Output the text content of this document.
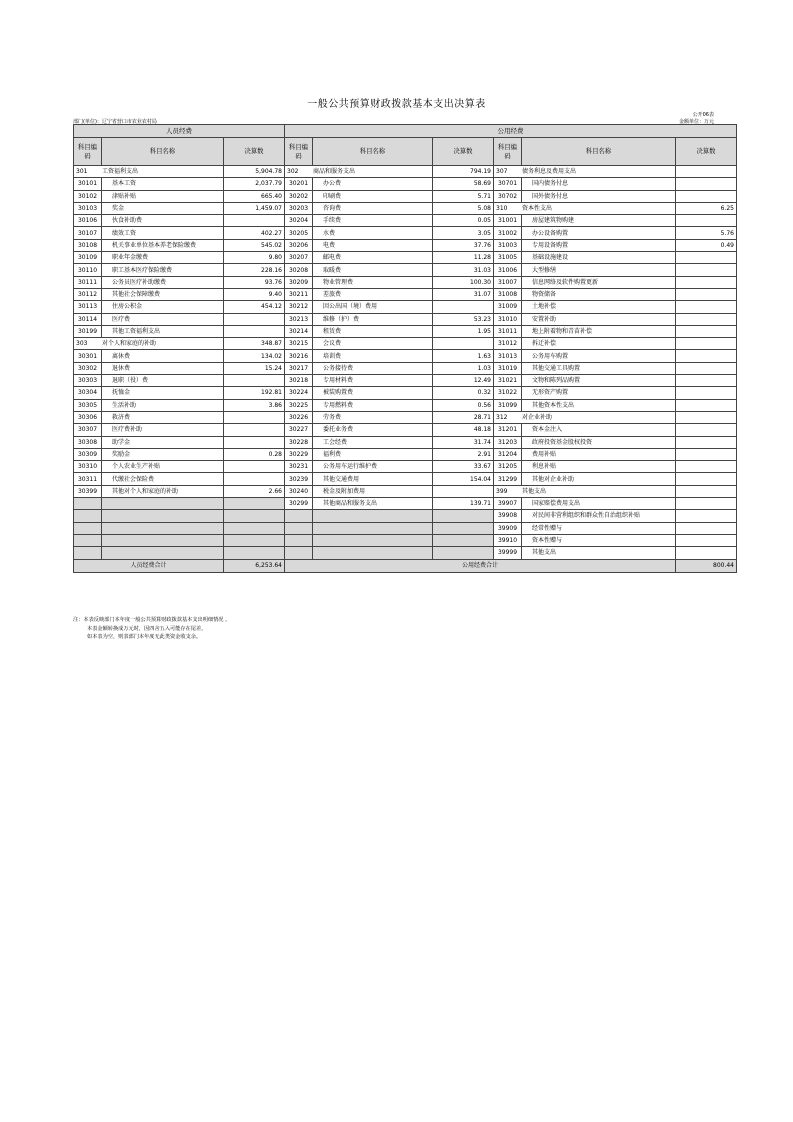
一般公共预算财政拨款基本支出决算表
公开06表
部门(单位)：辽宁省营口市农业农村局	金额单位：万元
人员经费			公用经费					
科目编码	科目名称	决算数	科目编码	科目名称	决算数	科目编码	科目名称	决算数
301 工资福利支出		5,904.78	302 商品和服务支出		794.19	307 债务利息及费用支出		
30101	基本工资	2,037.79	30201	办公费	58.69	30701	国内债务付息	
30102	津贴补贴	665.40	30202	印刷费	5.71	30702	国外债务付息	
30103	奖金	1,459.07	30203	咨询费	5.08	310 资本性支出		6.25
30106	伙食补助费		30204	手续费	0.05	31001	房屋建筑物购建	
30107	绩效工资	402.27	30205	水费	3.05	31002	办公设备购置	5.76
30108	机关事业单位基本养老保险缴费	545.02	30206	电费	37.76	31003	专用设备购置	0.49
30109	职业年金缴费	9.80	30207	邮电费	11.28	31005	基础设施建设	
30110	职工基本医疗保险缴费	228.16	30208	取暖费	31.03	31006	大型修缮	
30111	公务员医疗补助缴费	93.76	30209	物业管理费	100.30	31007	信息网络及软件购置更新	
30112	其他社会保障缴费	9.40	30211	差旅费	31.07	31008	物资储备	
30113	住房公积金	454.12	30212	因公出国（境）费用		31009	土地补偿	
30114	医疗费		30213	维修（护）费	53.23	31010	安置补助	
30199	其他工资福利支出		30214	租赁费	1.95	31011	地上附着物和青苗补偿	
303 对个人和家庭的补助		348.87	30215	会议费		31012	拆迁补偿	
30301	离休费	134.02	30216	培训费	1.63	31013	公务用车购置	
30302	退休费	15.24	30217	公务接待费	1.03	31019	其他交通工具购置	
30303	退职（役）费		30218	专用材料费	12.49	31021	文物和陈列品购置	
30304	抚恤金	192.81	30224	被装购置费	0.32	31022	无形资产购置	
30305	生活补助	3.86	30225	专用燃料费	0.56	31099	其他资本性支出	
30306	救济费		30226	劳务费	28.71	312 对企业补助		
30307	医疗费补助		30227	委托业务费	48.18	31201	资本金注入	
30308	助学金		30228	工会经费	31.74	31203	政府投资基金股权投资	
30309	奖励金	0.28	30229	福利费	2.91	31204	费用补贴	
30310	个人农业生产补贴		30231	公务用车运行维护费	33.67	31205	利息补贴	
30311	代缴社会保险费		30239	其他交通费用	154.04	31299	其他对企业补助	
30399	其他对个人和家庭的补助	2.66	30240	税金及附加费用		399 其他支出		
			30299	其他商品和服务支出	139.71	39907	国家赔偿费用支出	
						39908	对民间非营利组织和群众性自治组织补贴	
						39909	经常性赠与	
						39910	资本性赠与	
						39999	其他支出	
人员经费合计		6,253.64	公用经费合计					800.44
注：本表反映部门本年度一般公共预算财政拨款基本支出明细情况 。
本表金额转换成万元时，因四舍五入可能存在尾差。
如本表为空，则表部门本年度无此类资金收支余。
